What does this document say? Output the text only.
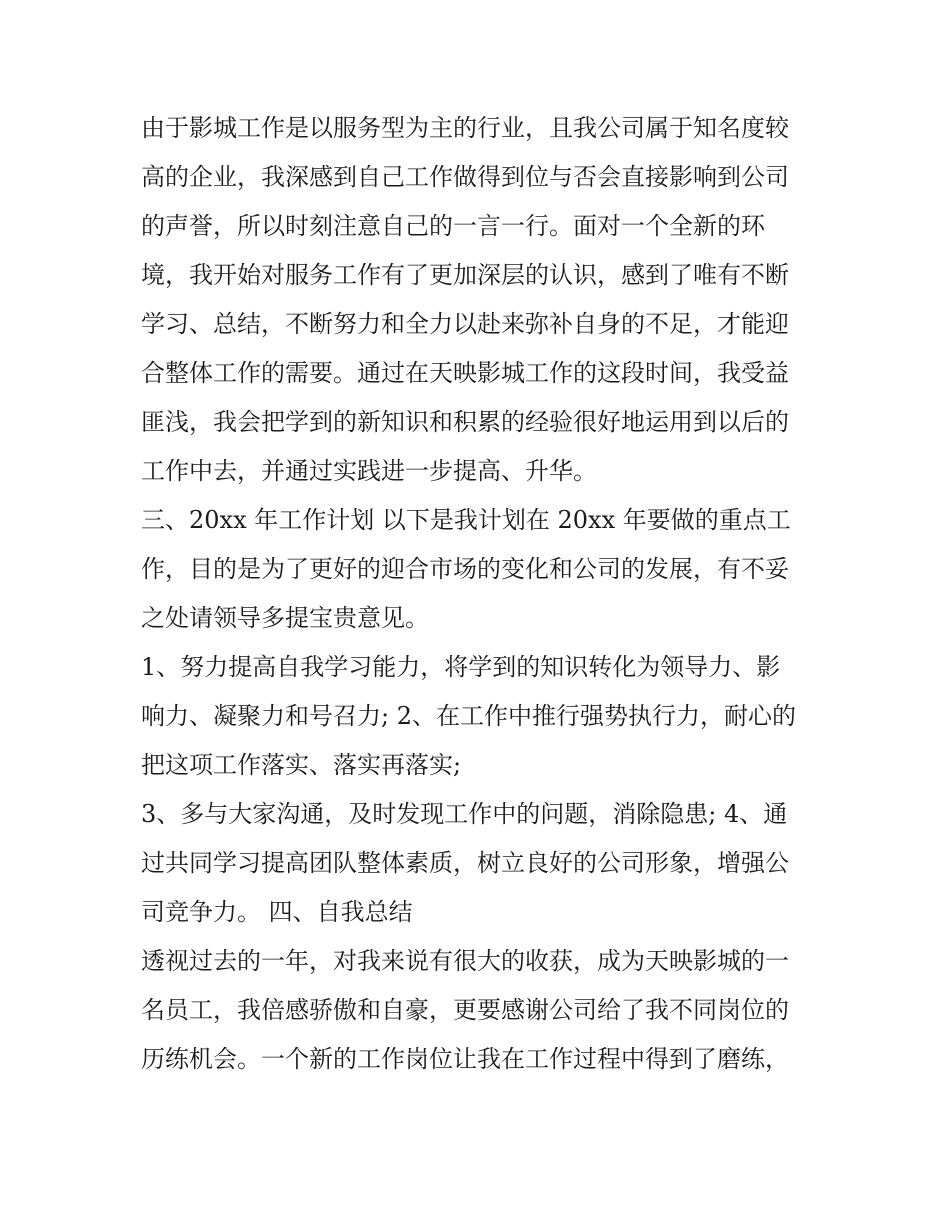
由于影城工作是以服务型为主的行业，且我公司属于知名度较
高的企业，我深感到自己工作做得到位与否会直接影响到公司
的声誉，所以时刻注意自己的一言一行。面对一个全新的环
境，我开始对服务工作有了更加深层的认识，感到了唯有不断
学习、总结，不断努力和全力以赴来弥补自身的不足，才能迎
合整体工作的需要。通过在天映影城工作的这段时间，我受益
匪浅，我会把学到的新知识和积累的经验很好地运用到以后的
工作中去，并通过实践进一步提高、升华。
三、20xx 年工作计划 以下是我计划在 20xx 年要做的重点工
作，目的是为了更好的迎合市场的变化和公司的发展，有不妥
之处请领导多提宝贵意见。
1、努力提高自我学习能力，将学到的知识转化为领导力、影
响力、凝聚力和号召力; 2、在工作中推行强势执行力，耐心的
把这项工作落实、落实再落实;
3、多与大家沟通，及时发现工作中的问题，消除隐患; 4、通
过共同学习提高团队整体素质，树立良好的公司形象，增强公
司竞争力。 四、自我总结
透视过去的一年，对我来说有很大的收获，成为天映影城的一
名员工，我倍感骄傲和自豪，更要感谢公司给了我不同岗位的
历练机会。一个新的工作岗位让我在工作过程中得到了磨练，
